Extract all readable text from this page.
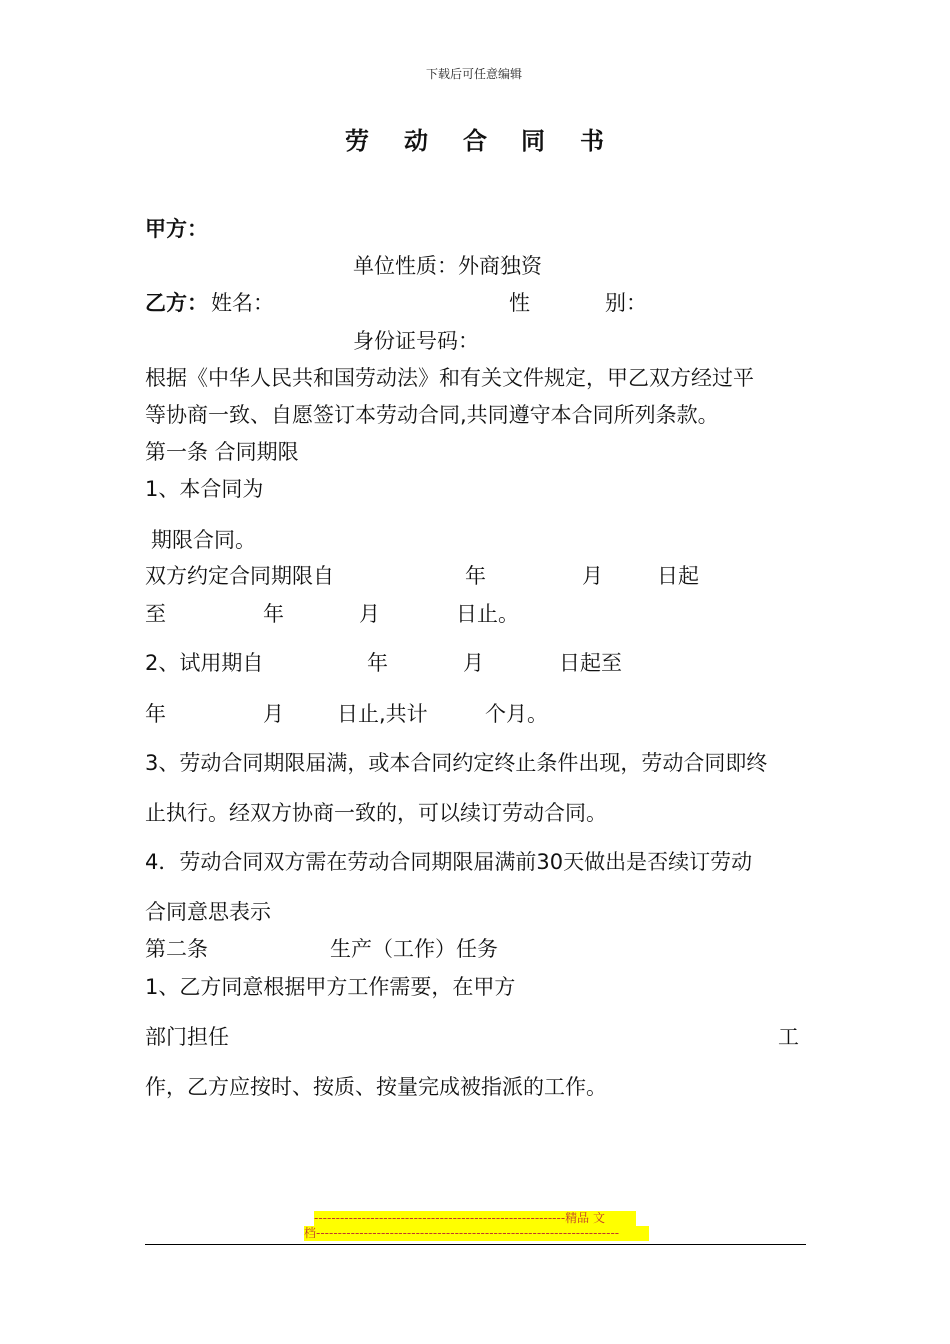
下载后可任意编辑
劳 动 合 同 书
甲方：
单位性质：外商独资
乙方： 姓名：	性	别：
身份证号码：
根据《中华人民共和国劳动法》和有关文件规定，甲乙双方经过平
等协商一致、自愿签订本劳动合同,共同遵守本合同所列条款。
第一条 合同期限
1、本合同为
期限合同。
双方约定合同期限自	年	月	日起
至	年	月	日止。
2、试用期自	年	月	日起至
年	月	日止,共计	个月。
3、劳动合同期限届满，或本合同约定终止条件出现，劳动合同即终
止执行。经双方协商一致的，可以续订劳动合同。
4．劳动合同双方需在劳动合同期限届满前30天做出是否续订劳动
合同意思表示
第二条	生产（工作）任务
1、乙方同意根据甲方工作需要，在甲方
部门担任	工
作，乙方应按时、按质、按量完成被指派的工作。
----------------------------------------------------------精品 文
档----------------------------------------------------------------------
